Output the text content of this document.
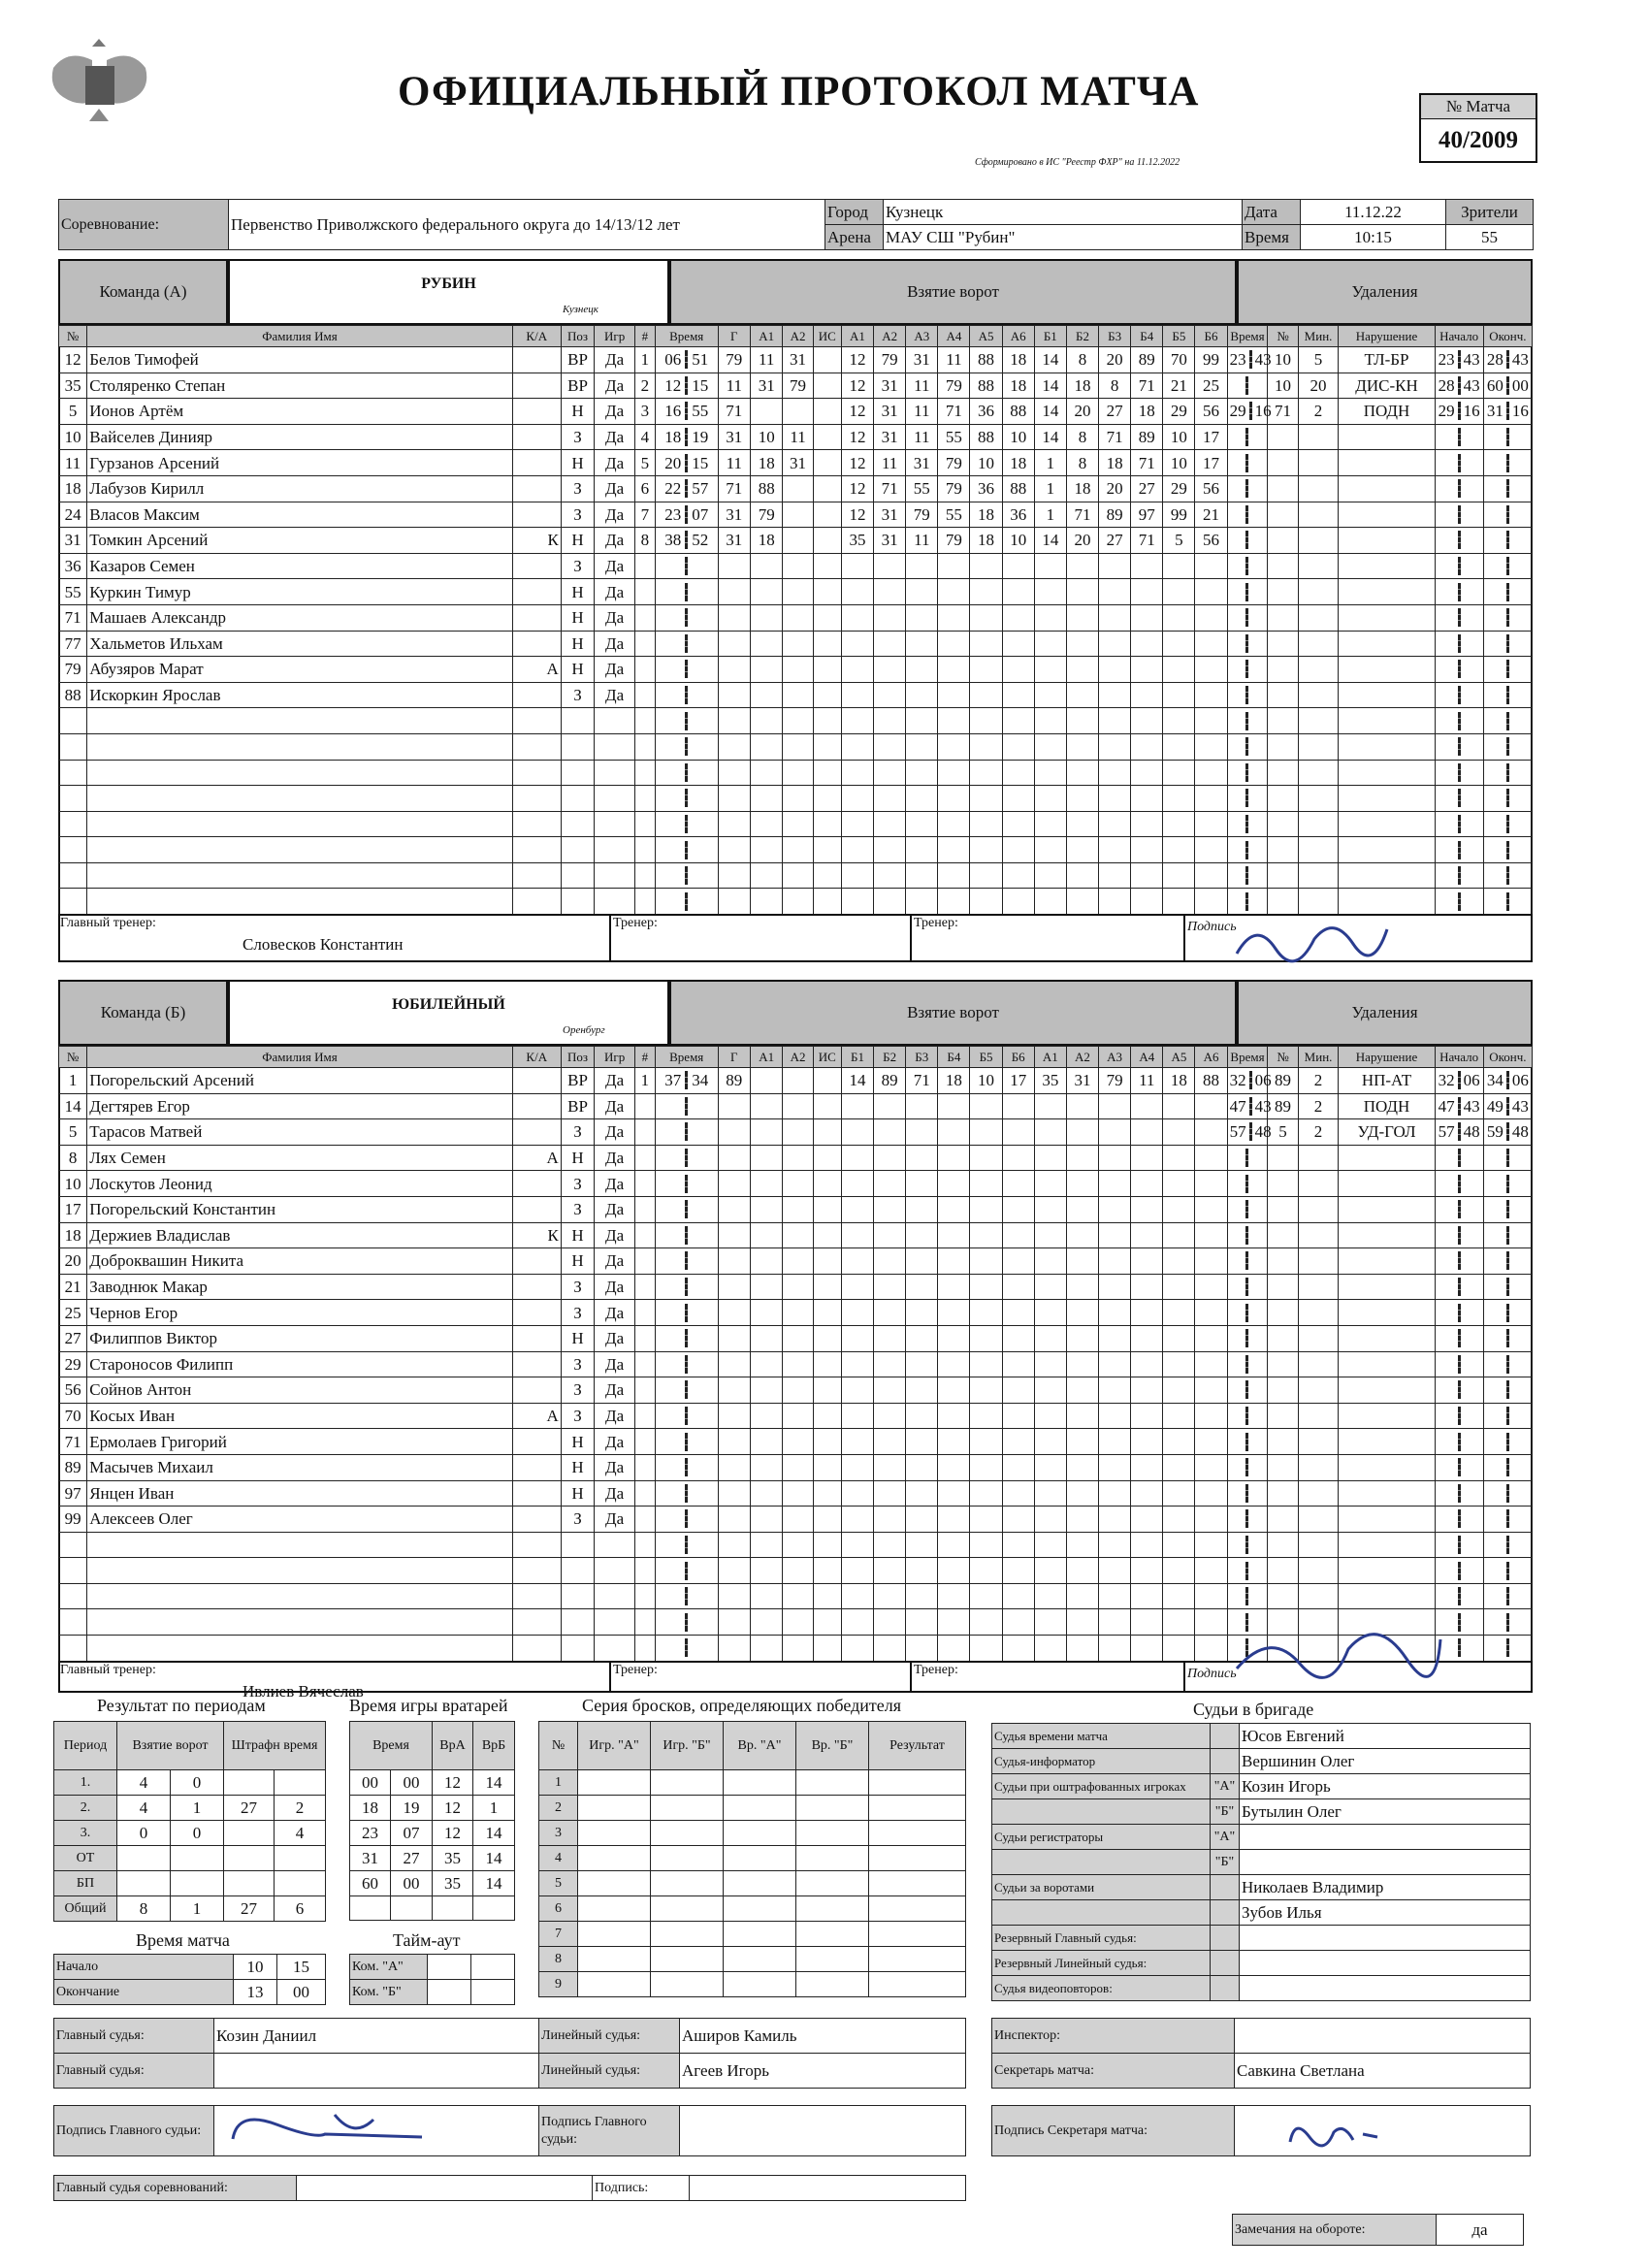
ОФИЦИАЛЬНЫЙ ПРОТОКОЛ МАТЧА
Сформировано в ИС "Реестр ФХР" на 11.12.2022
№ Матча
40/2009
Соревнование:	Первенство Приволжского федерального округа до 14/13/12 лет	Город	Кузнецк	Дата	11.12.22	Зрители
		Арена	МАУ СШ "Рубин"	Время	10:15	55
Команда (А)	РУБИН
Кузнецк
Взятие ворот	Удаления
№	Фамилия Имя	К/А	Поз	Игр	#	Время	Г	А1	А2	ИС	А1	А2	А3	А4	А5	А6	Б1	Б2	Б3	Б4	Б5	Б6	Время	№	Мин.	Нарушение	Начало	Оконч.
12	Белов Тимофей		ВР	Да	1	06 51	79	11	31		12	79	31	11	88	18	14	8	20	89	70	99	23 43	10	5	ТЛ-БР	23 43	28 43
35	Столяренко Степан		ВР	Да	2	12 15	11	31	79		12	31	11	79	88	18	14	18	8	71	21	25		10	20	ДИС-КН	28 43	60 00
5	Ионов Артём		Н	Да	3	16 55	71				12	31	11	71	36	88	14	20	27	18	29	56	29 16	71	2	ПОДН	29 16	31 16
10	Вайселев Динияр		З	Да	4	18 19	31	10	11		12	31	11	55	88	10	14	8	71	89	10	17						
11	Гурзанов Арсений		Н	Да	5	20 15	11	18	31		12	11	31	79	10	18	1	8	18	71	10	17						
18	Лабузов Кирилл		З	Да	6	22 57	71	88			12	71	55	79	36	88	1	18	20	27	29	56						
24	Власов Максим		З	Да	7	23 07	31	79			12	31	79	55	18	36	1	71	89	97	99	21						
31	Томкин Арсений	К	Н	Да	8	38 52	31	18			35	31	11	79	18	10	14	20	27	71	5	56						
36	Казаров Семен		З	Да																								
55	Куркин Тимур		Н	Да																								
71	Машаев Александр		Н	Да																								
77	Хальметов Ильхам		Н	Да																								
79	Абузяров Марат	А	Н	Да																								
88	Искоркин Ярослав		З	Да																								

Главный тренер:
Словесков Константин
Тренер:	Тренер:	Подпись
Команда (Б)	ЮБИЛЕЙНЫЙ
Оренбург
Взятие ворот	Удаления
№	Фамилия Имя	К/А	Поз	Игр	#	Время	Г	А1	А2	ИС	Б1	Б2	Б3	Б4	Б5	Б6	А1	А2	А3	А4	А5	А6	Время	№	Мин.	Нарушение	Начало	Оконч.
1	Погорельский Арсений		ВР	Да	1	37 34	89				14	89	71	18	10	17	35	31	79	11	18	88	32 06	89	2	НП-АТ	32 06	34 06
14	Дегтярев Егор		ВР	Да																			47 43	89	2	ПОДН	47 43	49 43
5	Тарасов Матвей		З	Да																			57 48	5	2	УД-ГОЛ	57 48	59 48
8	Лях Семен	А	Н	Да																								
10	Лоскутов Леонид		З	Да																								
17	Погорельский Константин		З	Да																								
18	Держиев Владислав	К	Н	Да																								
20	Доброквашин Никита		Н	Да																								
21	Заводнюк Макар		З	Да																								
25	Чернов Егор		З	Да																								
27	Филиппов Виктор		Н	Да																								
29	Староносов Филипп		З	Да																								
56	Сойнов Антон		З	Да																								
70	Косых Иван	А	З	Да																								
71	Ермолаев Григорий		Н	Да																								
89	Масычев Михаил		Н	Да																								
97	Янцен Иван		Н	Да																								
99	Алексеев Олег		З	Да																								

Главный тренер:
Ивлиев Вячеслав
Тренер:	Тренер:	Подпись
Результат по периодам
Период	Взятие ворот		Штрафн время	
1.	4	0		
2.	4	1	27	2
3.	0	0		4
ОТ				
БП				
Общий	8	1	27	6
Время игры вратарей
Время		ВрА	ВрБ
00	00	12	14
18	19	12	1
23	07	12	14
31	27	35	14
60	00	35	14

Время матча
Начало	10	15
Окончание	13	00
Тайм-аут
Ком. "А"		
Ком. "Б"		
Серия бросков, определяющих победителя
№	Игр. "А"	Игр. "Б"	Вр. "А"	Вр. "Б"	Результат
1					
2					
3					
4					
5					
6					
7					
8					
9					
Судьи в бригаде
Судья времени матча		Юсов Евгений
Судья-информатор		Вершинин Олег
Судьи при оштрафованных игроках	"А"	Козин Игорь
	"Б"	Бутылин Олег
Судьи регистраторы	"А"	
	"Б"	
Судьи за воротами		Николаев Владимир
		Зубов Илья
Резервный Главный судья:		
Резервный Линейный судья:		
Судья видеоповторов:		
Главный судья:	Козин Даниил	Линейный судья:	Аширов Камиль
Главный судья:		Линейный судья:	Агеев Игорь
Подпись Главного судьи:		Подпись Главного судьи:	
Главный судья соревнований:		Подпись:	
Инспектор:	
Секретарь матча:	Савкина Светлана
Подпись Секретаря матча:	
Замечания на обороте:	да
